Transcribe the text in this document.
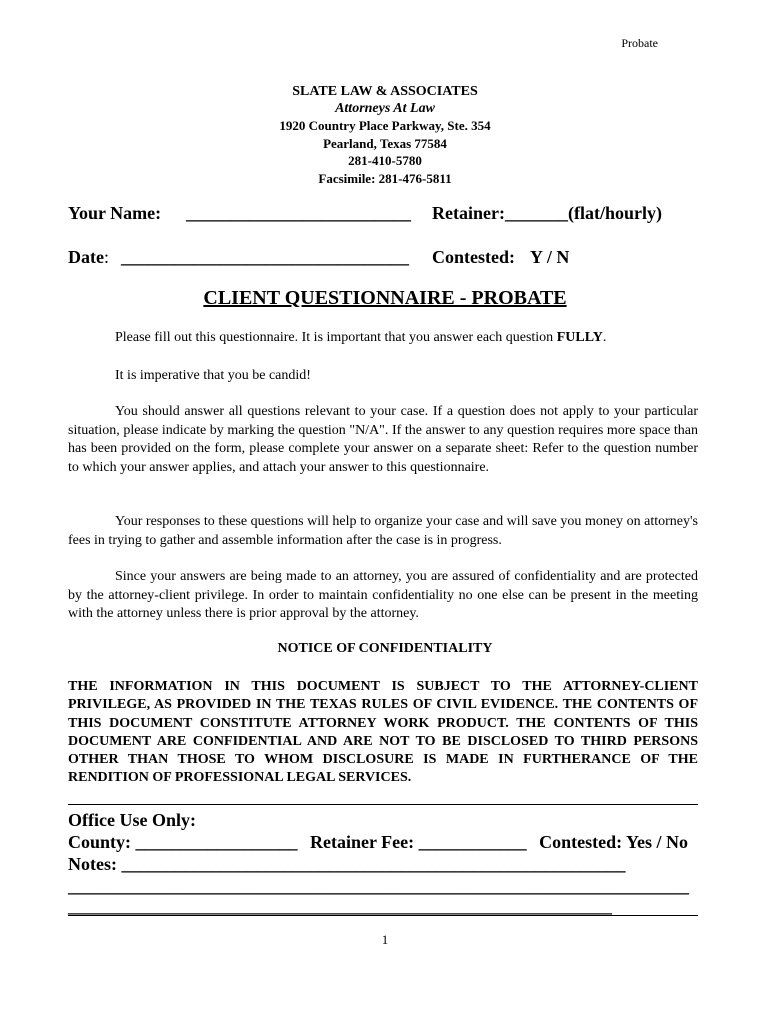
Probate
SLATE LAW & ASSOCIATES
Attorneys At Law
1920 Country Place Parkway, Ste. 354
Pearland, Texas 77584
281-410-5780
Facsimile: 281-476-5811
Your Name: _________________________ Retainer:_______(flat/hourly)
Date: ________________________________ Contested: Y / N
CLIENT QUESTIONNAIRE - PROBATE
Please fill out this questionnaire. It is important that you answer each question FULLY.
It is imperative that you be candid!
You should answer all questions relevant to your case. If a question does not apply to your particular situation, please indicate by marking the question "N/A". If the answer to any question requires more space than has been provided on the form, please complete your answer on a separate sheet: Refer to the question number to which your answer applies, and attach your answer to this questionnaire.
Your responses to these questions will help to organize your case and will save you money on attorney's fees in trying to gather and assemble information after the case is in progress.
Since your answers are being made to an attorney, you are assured of confidentiality and are protected by the attorney-client privilege. In order to maintain confidentiality no one else can be present in the meeting with the attorney unless there is prior approval by the attorney.
NOTICE OF CONFIDENTIALITY
THE INFORMATION IN THIS DOCUMENT IS SUBJECT TO THE ATTORNEY-CLIENT PRIVILEGE, AS PROVIDED IN THE TEXAS RULES OF CIVIL EVIDENCE. THE CONTENTS OF THIS DOCUMENT CONSTITUTE ATTORNEY WORK PRODUCT. THE CONTENTS OF THIS DOCUMENT ARE CONFIDENTIAL AND ARE NOT TO BE DISCLOSED TO THIRD PERSONS OTHER THAN THOSE TO WHOM DISCLOSURE IS MADE IN FURTHERANCE OF THE RENDITION OF PROFESSIONAL LEGAL SERVICES.
Office Use Only:
County: __________________ Retainer Fee: ____________ Contested: Yes / No
Notes: ________________________________________________________
_____________________________________________________________________
________________________________________________________________
1
